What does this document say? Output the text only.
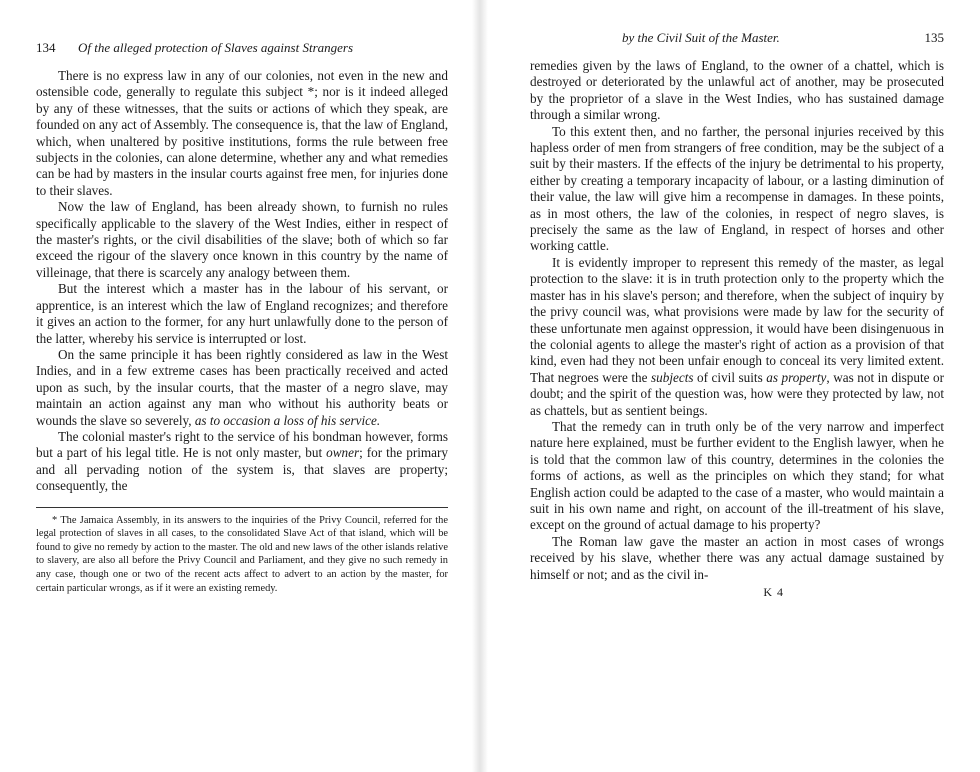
134 Of the alleged protection of Slaves against Strangers

There is no express law in any of our colonies, not even in the new and ostensible code, generally to regulate this subject *; nor is it indeed alleged by any of these witnesses, that the suits or actions of which they speak, are founded on any act of Assembly. The consequence is, that the law of England, which, when unaltered by positive institutions, forms the rule between free subjects in the colonies, can alone determine, whether any and what remedies can be had by masters in the insular courts against free men, for injuries done to their slaves.

Now the law of England, has been already shown, to furnish no rules specifically applicable to the slavery of the West Indies, either in respect of the master's rights, or the civil disabilities of the slave; both of which so far exceed the rigour of the slavery once known in this country by the name of villeinage, that there is scarcely any analogy between them.

But the interest which a master has in the labour of his servant, or apprentice, is an interest which the law of England recognizes; and therefore it gives an action to the former, for any hurt unlawfully done to the person of the latter, whereby his service is interrupted or lost.

On the same principle it has been rightly considered as law in the West Indies, and in a few extreme cases has been practically received and acted upon as such, by the insular courts, that the master of a negro slave, may maintain an action against any man who without his authority beats or wounds the slave so severely, as to occasion a loss of his service.

The colonial master's right to the service of his bondman however, forms but a part of his legal title. He is not only master, but owner; for the primary and all pervading notion of the system is, that slaves are property; consequently, the

* The Jamaica Assembly, in its answers to the inquiries of the Privy Council, referred for the legal protection of slaves in all cases, to the consolidated Slave Act of that island, which will be found to give no remedy by action to the master. The old and new laws of the other islands relative to slavery, are also all before the Privy Council and Parliament, and they give no such remedy in any case, though one or two of the recent acts affect to advert to an action by the master, for certain particular wrongs, as if it were an existing remedy.

by the Civil Suit of the Master.	135

remedies given by the laws of England, to the owner of a chattel, which is destroyed or deteriorated by the unlawful act of another, may be prosecuted by the proprietor of a slave in the West Indies, who has sustained damage through a similar wrong.

To this extent then, and no farther, the personal injuries received by this hapless order of men from strangers of free condition, may be the subject of a suit by their masters. If the effects of the injury be detrimental to his property, either by creating a temporary incapacity of labour, or a lasting diminution of their value, the law will give him a recompense in damages. In these points, as in most others, the law of the colonies, in respect of negro slaves, is precisely the same as the law of England, in respect of horses and other working cattle.

It is evidently improper to represent this remedy of the master, as legal protection to the slave: it is in truth protection only to the property which the master has in his slave's person; and therefore, when the subject of inquiry by the privy council was, what provisions were made by law for the security of these unfortunate men against oppression, it would have been disingenuous in the colonial agents to allege the master's right of action as a provision of that kind, even had they not been unfair enough to conceal its very limited extent. That negroes were the subjects of civil suits as property, was not in dispute or doubt; and the spirit of the question was, how were they protected by law, not as chattels, but as sentient beings.

That the remedy can in truth only be of the very narrow and imperfect nature here explained, must be further evident to the English lawyer, when he is told that the common law of this country, determines in the colonies the forms of actions, as well as the principles on which they stand; for what English action could be adapted to the case of a master, who would maintain a suit in his own name and right, on account of the ill-treatment of his slave, except on the ground of actual damage to his property?

The Roman law gave the master an action in most cases of wrongs received by his slave, whether there was any actual damage sustained by himself or not; and as the civil in-

K 4
